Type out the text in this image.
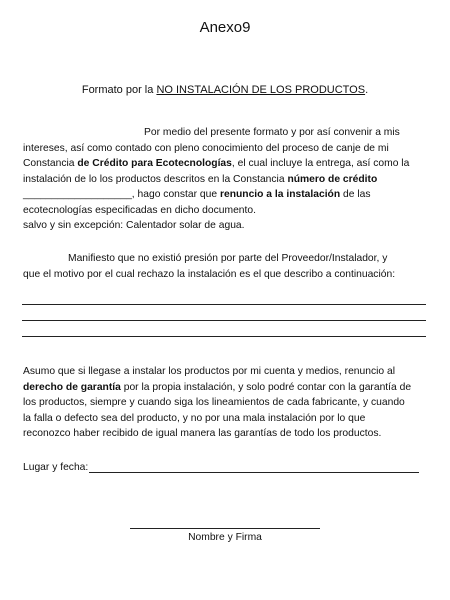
Anexo9
Formato por la NO INSTALACIÓN DE LOS PRODUCTOS.
Por medio del presente formato y por así convenir a mis
intereses, así como contado con pleno conocimiento del proceso de canje de mi
Constancia de Crédito para Ecotecnologías, el cual incluye la entrega, así como la
instalación de lo los productos descritos en la Constancia número de crédito
___________________, hago constar que renuncio a la instalación de las
ecotecnologías especificadas en dicho documento.
salvo y sin excepción: Calentador solar de agua.
Manifiesto que no existió presión por parte del Proveedor/Instalador, y
que el motivo por el cual rechazo la instalación es el que describo a continuación:
Asumo que si llegase a instalar los productos por mi cuenta y medios, renuncio al
derecho de garantía por la propia instalación, y solo podré contar con la garantía de
los productos, siempre y cuando siga los lineamientos de cada fabricante, y cuando
la falla o defecto sea del producto, y no por una mala instalación por lo que
reconozco haber recibido de igual manera las garantías de todo los productos.
Lugar y fecha:
Nombre y Firma
